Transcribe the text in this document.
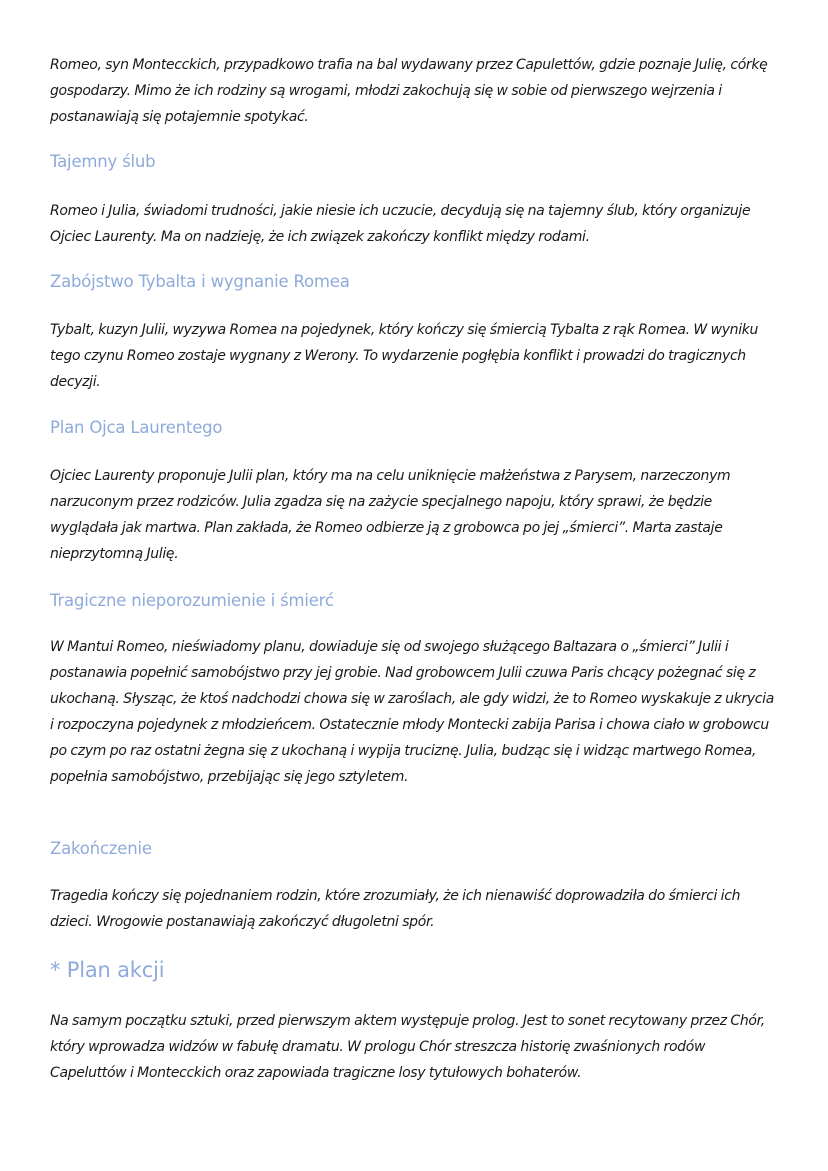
Romeo, syn Montecckich, przypadkowo trafia na bal wydawany przez Capulettów, gdzie poznaje Julię, córkę gospodarzy. Mimo że ich rodziny są wrogami, młodzi zakochują się w sobie od pierwszego wejrzenia i postanawiają się potajemnie spotykać.

Tajemny ślub

Romeo i Julia, świadomi trudności, jakie niesie ich uczucie, decydują się na tajemny ślub, który organizuje Ojciec Laurenty. Ma on nadzieję, że ich związek zakończy konflikt między rodami.

Zabójstwo Tybalta i wygnanie Romea

Tybalt, kuzyn Julii, wyzywa Romea na pojedynek, który kończy się śmiercią Tybalta z rąk Romea. W wyniku tego czynu Romeo zostaje wygnany z Werony. To wydarzenie pogłębia konflikt i prowadzi do tragicznych decyzji.

Plan Ojca Laurentego

Ojciec Laurenty proponuje Julii plan, który ma na celu uniknięcie małżeństwa z Parysem, narzeczonym narzuconym przez rodziców. Julia zgadza się na zażycie specjalnego napoju, który sprawi, że będzie wyglądała jak martwa. Plan zakłada, że Romeo odbierze ją z grobowca po jej „śmierci”. Marta zastaje nieprzytomną Julię.

Tragiczne nieporozumienie i śmierć

W Mantui Romeo, nieświadomy planu, dowiaduje się od swojego służącego Baltazara o „śmierci” Julii i postanawia popełnić samobójstwo przy jej grobie. Nad grobowcem Julii czuwa Paris chcący pożegnać się z ukochaną. Słysząc, że ktoś nadchodzi chowa się w zaroślach, ale gdy widzi, że to Romeo wyskakuje z ukrycia i rozpoczyna pojedynek z młodzieńcem. Ostatecznie młody Montecki zabija Parisa i chowa ciało w grobowcu po czym po raz ostatni żegna się z ukochaną i wypija truciznę. Julia, budząc się i widząc martwego Romea, popełnia samobójstwo, przebijając się jego sztyletem.

Zakończenie

Tragedia kończy się pojednaniem rodzin, które zrozumiały, że ich nienawiść doprowadziła do śmierci ich dzieci. Wrogowie postanawiają zakończyć długoletni spór.

* Plan akcji

Na samym początku sztuki, przed pierwszym aktem występuje prolog. Jest to sonet recytowany przez Chór, który wprowadza widzów w fabułę dramatu. W prologu Chór streszcza historię zwaśnionych rodów Capeluttów i Montecckich oraz zapowiada tragiczne losy tytułowych bohaterów.
